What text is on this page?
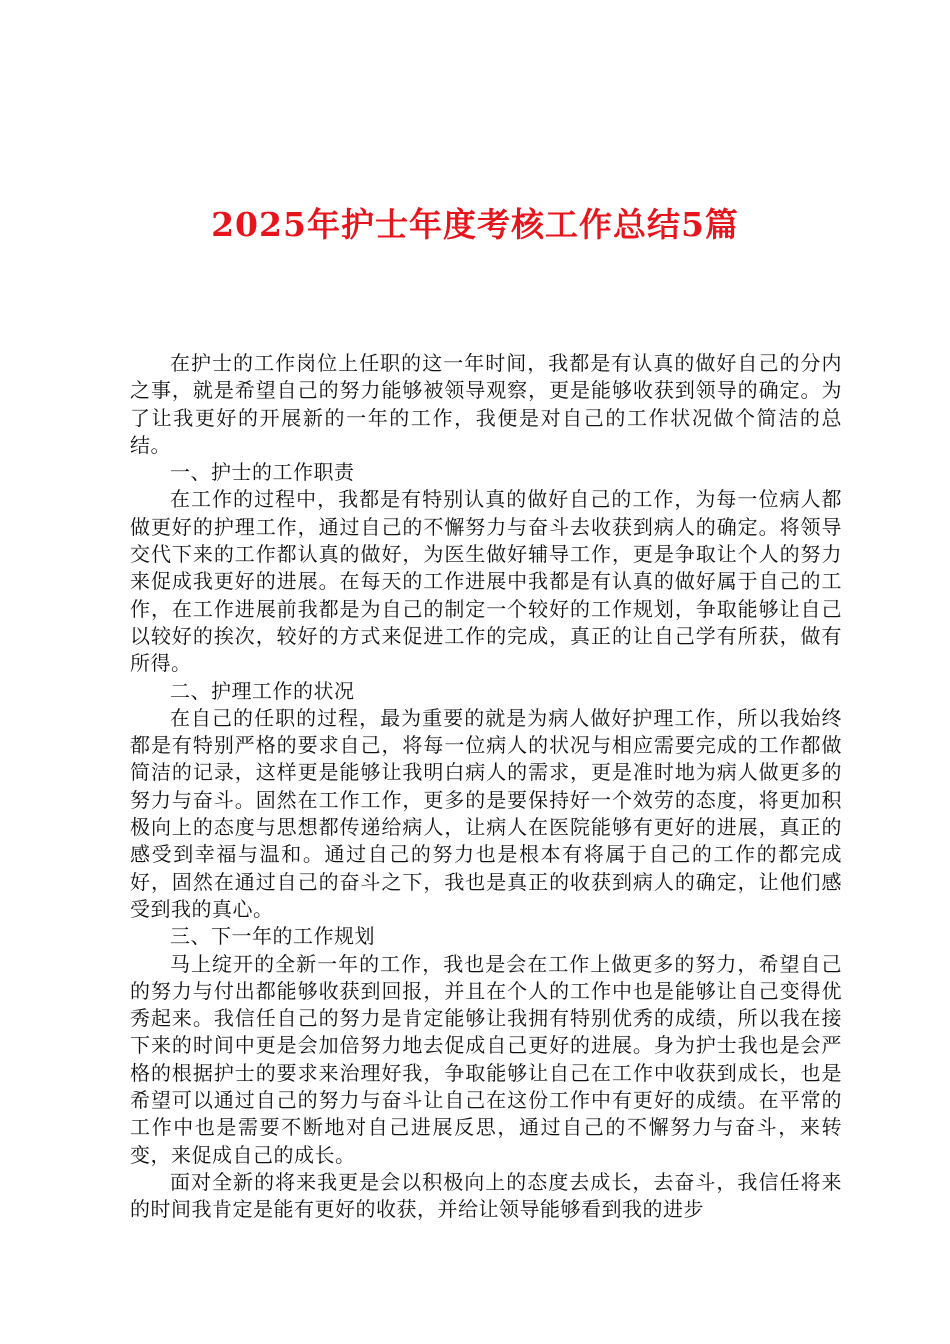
2025年护士年度考核工作总结5篇

在护士的工作岗位上任职的这一年时间，我都是有认真的做好自己的分内之事，就是希望自己的努力能够被领导观察，更是能够收获到领导的确定。为了让我更好的开展新的一年的工作，我便是对自己的工作状况做个简洁的总结。

一、护士的工作职责

在工作的过程中，我都是有特别认真的做好自己的工作，为每一位病人都做更好的护理工作，通过自己的不懈努力与奋斗去收获到病人的确定。将领导交代下来的工作都认真的做好，为医生做好辅导工作，更是争取让个人的努力来促成我更好的进展。在每天的工作进展中我都是有认真的做好属于自己的工作，在工作进展前我都是为自己的制定一个较好的工作规划，争取能够让自己以较好的挨次，较好的方式来促进工作的完成，真正的让自己学有所获，做有所得。

二、护理工作的状况

在自己的任职的过程，最为重要的就是为病人做好护理工作，所以我始终都是有特别严格的要求自己，将每一位病人的状况与相应需要完成的工作都做简洁的记录，这样更是能够让我明白病人的需求，更是准时地为病人做更多的努力与奋斗。固然在工作工作，更多的是要保持好一个效劳的态度，将更加积极向上的态度与思想都传递给病人，让病人在医院能够有更好的进展，真正的感受到幸福与温和。通过自己的努力也是根本有将属于自己的工作的都完成好，固然在通过自己的奋斗之下，我也是真正的收获到病人的确定，让他们感受到我的真心。

三、下一年的工作规划

马上绽开的全新一年的工作，我也是会在工作上做更多的努力，希望自己的努力与付出都能够收获到回报，并且在个人的工作中也是能够让自己变得优秀起来。我信任自己的努力是肯定能够让我拥有特别优秀的成绩，所以我在接下来的时间中更是会加倍努力地去促成自己更好的进展。身为护士我也是会严格的根据护士的要求来治理好我，争取能够让自己在工作中收获到成长，也是希望可以通过自己的努力与奋斗让自己在这份工作中有更好的成绩。在平常的工作中也是需要不断地对自己进展反思，通过自己的不懈努力与奋斗，来转变，来促成自己的成长。

面对全新的将来我更是会以积极向上的态度去成长，去奋斗，我信任将来的时间我肯定是能有更好的收获，并给让领导能够看到我的进步
